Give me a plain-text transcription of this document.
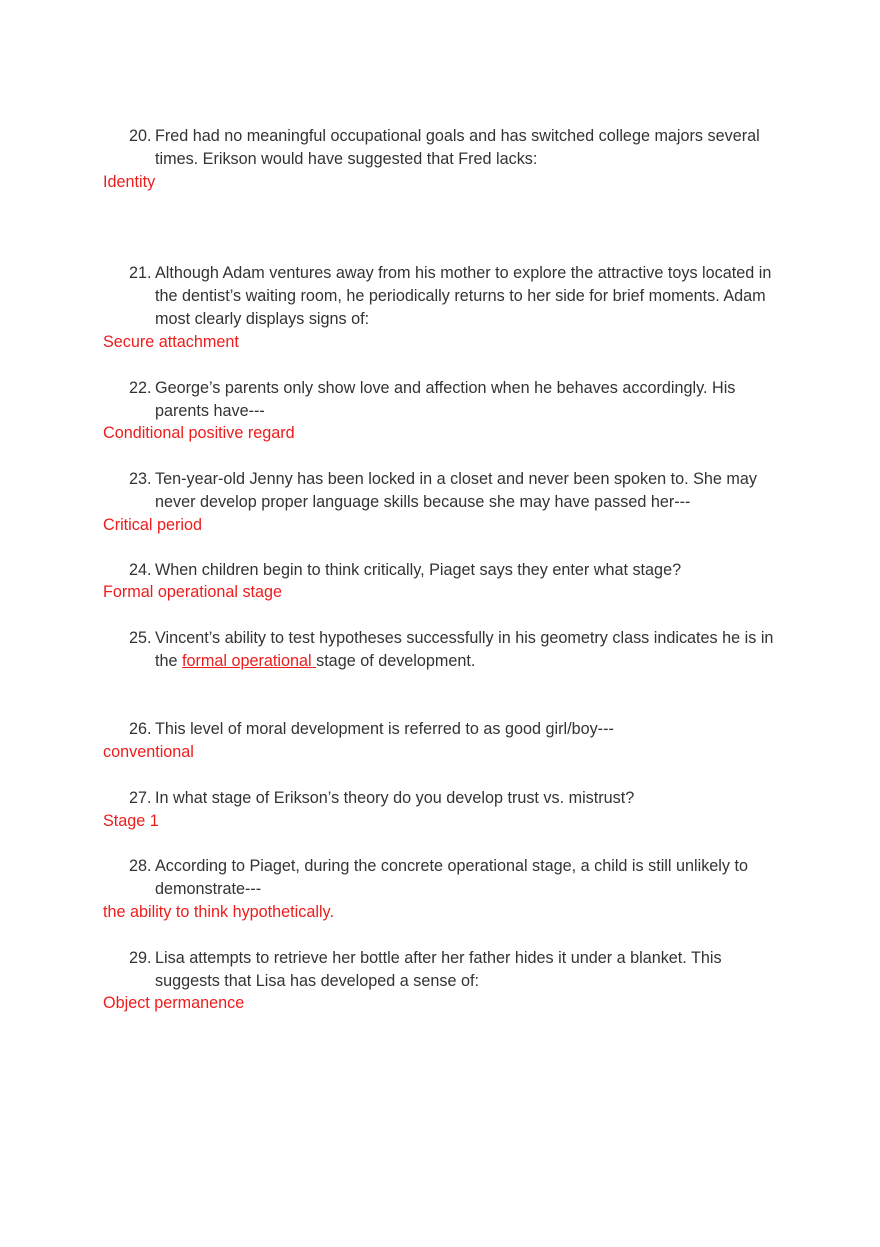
20. Fred had no meaningful occupational goals and has switched college majors several times. Erikson would have suggested that Fred lacks:
Identity
21. Although Adam ventures away from his mother to explore the attractive toys located in the dentist’s waiting room, he periodically returns to her side for brief moments. Adam most clearly displays signs of:
Secure attachment
22. George’s parents only show love and affection when he behaves accordingly. His parents have---
Conditional positive regard
23. Ten-year-old Jenny has been locked in a closet and never been spoken to. She may never develop proper language skills because she may have passed her---
Critical period
24. When children begin to think critically, Piaget says they enter what stage?
Formal operational stage
25. Vincent’s ability to test hypotheses successfully in his geometry class indicates he is in the formal operational stage of development.
26. This level of moral development is referred to as good girl/boy---
conventional
27. In what stage of Erikson’s theory do you develop trust vs. mistrust?
Stage 1
28. According to Piaget, during the concrete operational stage, a child is still unlikely to demonstrate---
the ability to think hypothetically.
29. Lisa attempts to retrieve her bottle after her father hides it under a blanket. This suggests that Lisa has developed a sense of:
Object permanence
